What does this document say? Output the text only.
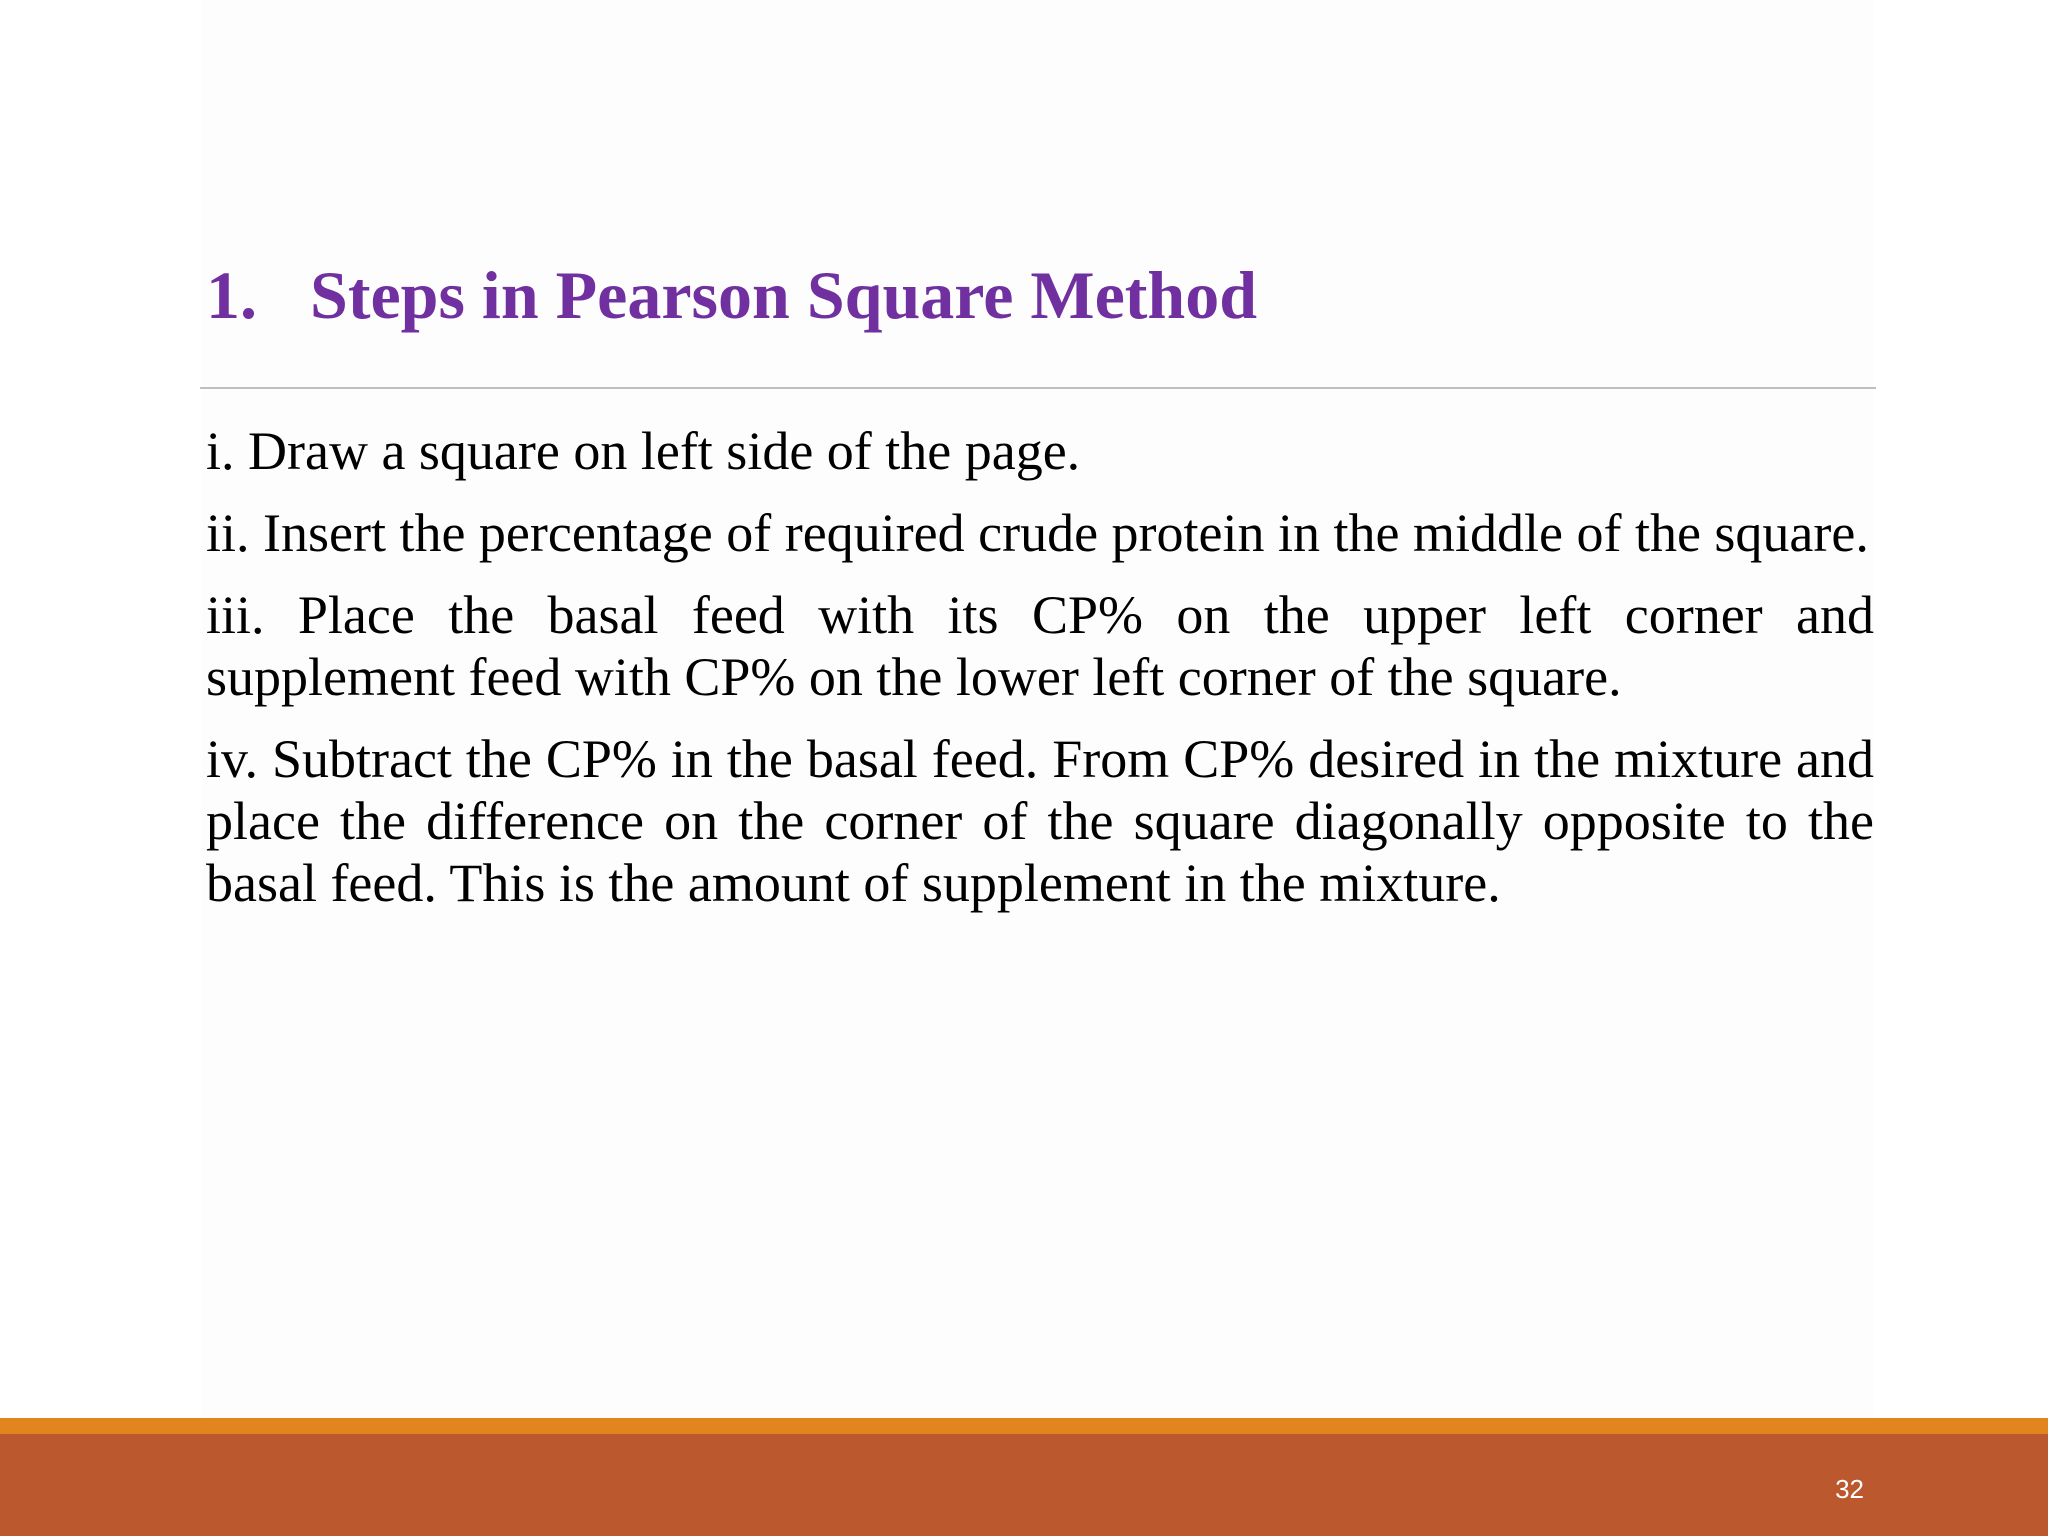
1. Steps in Pearson Square Method

i. Draw a square on left side of the page.

ii. Insert the percentage of required crude protein in the middle of the square.

iii. Place the basal feed with its CP% on the upper left corner and supplement feed with CP% on the lower left corner of the square.

iv. Subtract the CP% in the basal feed. From CP% desired in the mixture and place the difference on the corner of the square diagonally opposite to the basal feed. This is the amount of supplement in the mixture.

32
